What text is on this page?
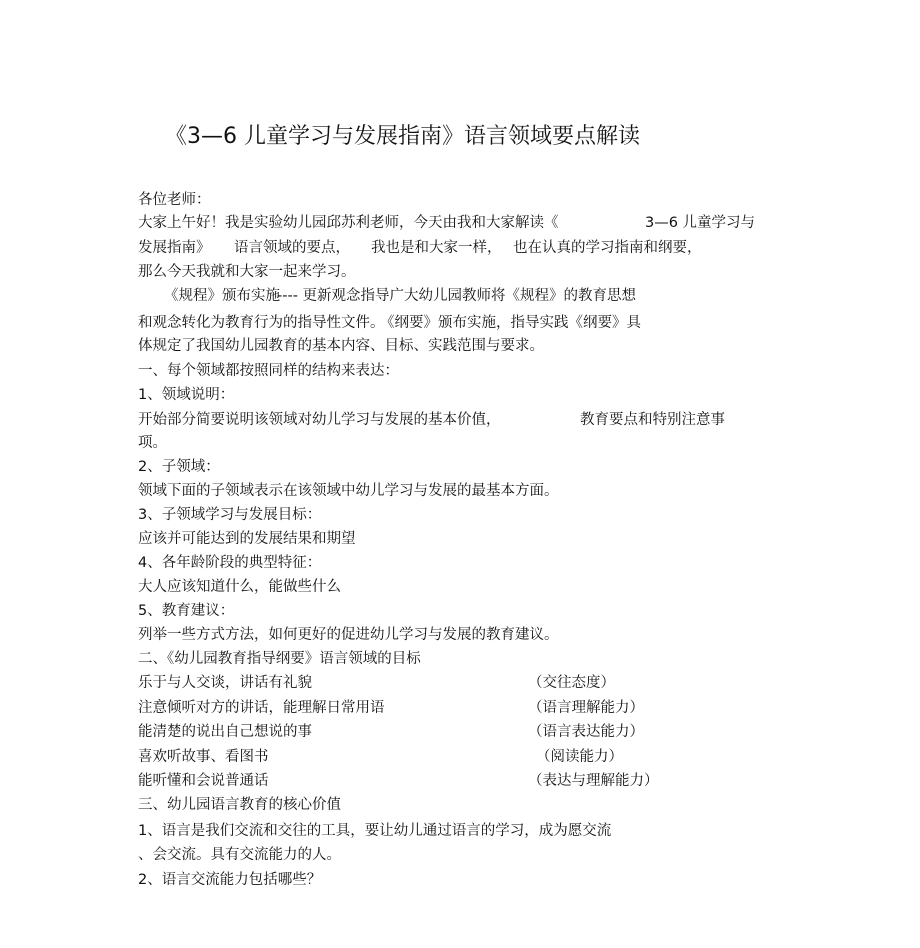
《3—6 儿童学习与发展指南》语言领域要点解读
各位老师：
大家上午好！我是实验幼儿园邱苏利老师，今天由我和大家解读《	3—6 儿童学习与
发展指南》 语言领域的要点， 我也是和大家一样， 也在认真的学习指南和纲要，
那么今天我就和大家一起来学习。
《规程》颁布实施
---- 更新观念指导广大幼儿园教师将《规程》的教育思想
和观念转化为教育行为的指导性文件。
《纲要》颁布实施，指导实践《纲要》具
体规定了我国幼儿园教育的基本内容、目标、实践范围与要求。
一、每个领域都按照同样的结构来表达：
1、领域说明：
开始部分简要说明该领域对幼儿学习与发展的基本价值，	教育要点和特别注意事
项。
2、子领域：
领域下面的子领域表示在该领域中幼儿学习与发展的最基本方面。
3、子领域学习与发展目标：
应该并可能达到的发展结果和期望
4、各年龄阶段的典型特征：
大人应该知道什么，能做些什么
5、教育建议：
列举一些方式方法，如何更好的促进幼儿学习与发展的教育建议。
二、《幼儿园教育指导纲要》语言领域的目标
乐于与人交谈，讲话有礼貌	（交往态度）
注意倾听对方的讲话，能理解日常用语	（语言理解能力）
能清楚的说出自己想说的事	（语言表达能力）
喜欢听故事、看图书	（阅读能力）
能听懂和会说普通话	（表达与理解能力）
三、幼儿园语言教育的核心价值
1、语言是我们交流和交往的工具，要让幼儿通过语言的学习，成为愿交流
、会交流。具有交流能力的人。
2、语言交流能力包括哪些？
